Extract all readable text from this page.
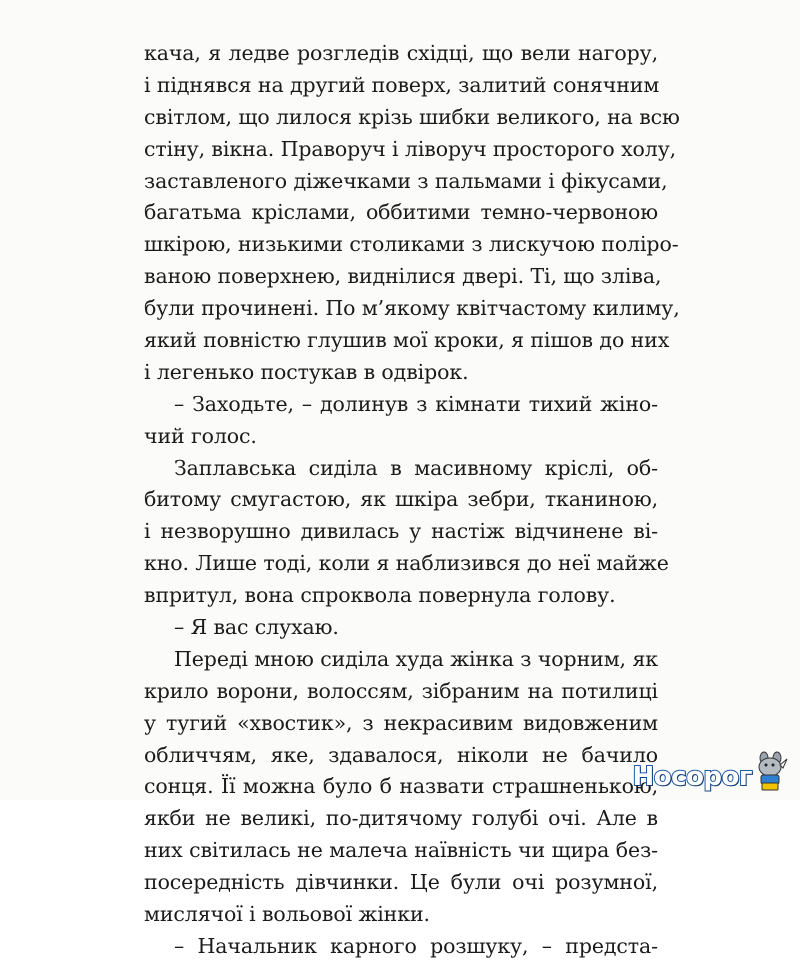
кача, я ледве розгледів східці, що вели нагору,
і піднявся на другий поверх, залитий сонячним
світлом, що лилося крізь шибки великого, на всю
стіну, вікна. Праворуч і ліворуч просторого холу,
заставленого діжечками з пальмами і фікусами,
багатьма кріслами, оббитими темно-червоною
шкірою, низькими столиками з лискучою поліро-
ваною поверхнею, виднілися двері. Ті, що зліва,
були прочинені. По м’якому квітчастому килиму,
який повністю глушив мої кроки, я пішов до них
і легенько постукав в одвірок.
– Заходьте, – долинув з кімнати тихий жіно-
чий голос.
Заплавська сиділа в масивному кріслі, об-
битому смугастою, як шкіра зебри, тканиною,
і незворушно дивилась у настіж відчинене ві-
кно. Лише тоді, коли я наблизився до неї майже
впритул, вона спроквола повернула голову.
– Я вас слухаю.
Переді мною сиділа худа жінка з чорним, як
крило ворони, волоссям, зібраним на потилиці
у тугий «хвостик», з некрасивим видовженим
обличчям, яке, здавалося, ніколи не бачило
сонця. Її можна було б назвати страшненькою,
якби не великі, по-дитячому голубі очі. Але в
них світилась не малеча наївність чи щира без-
посередність дівчинки. Це були очі розумної,
мислячої і вольової жінки.
– Начальник карного розшуку, – предста-
Носорог
